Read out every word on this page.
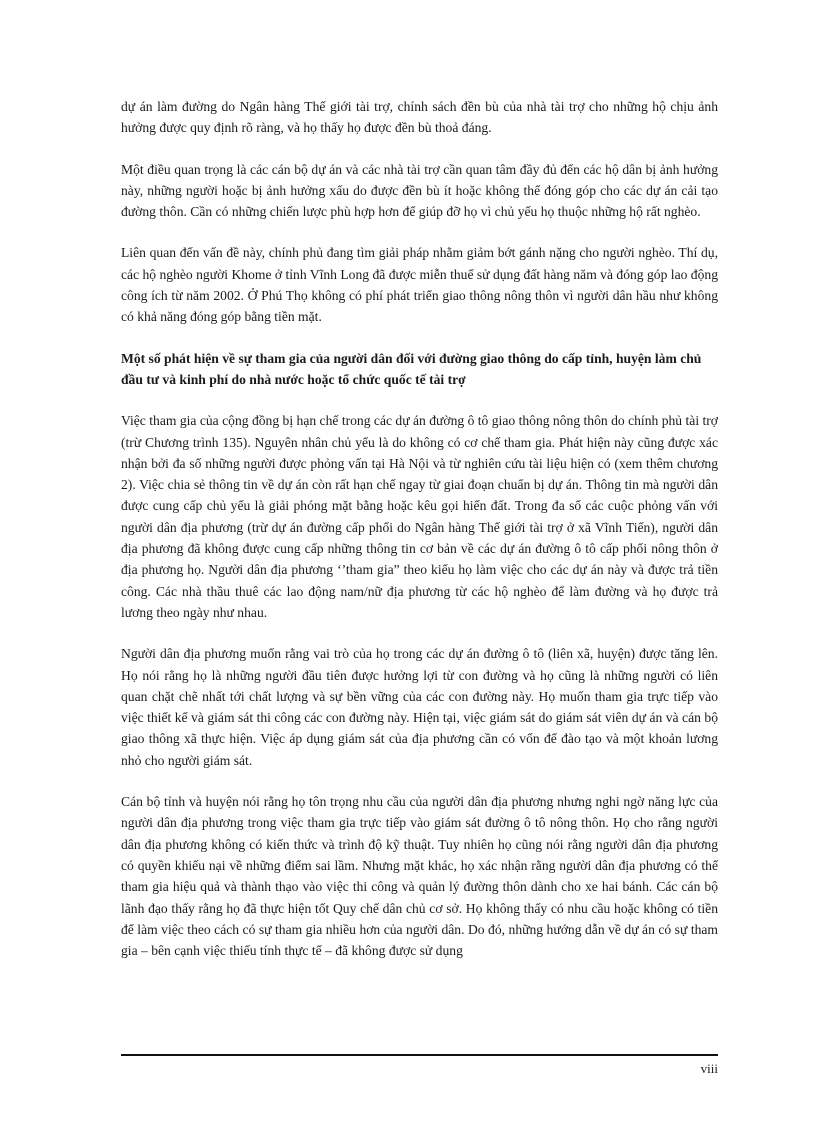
dự án làm đường do Ngân hàng Thế giới tài trợ, chính sách đền bù của nhà tài trợ cho những hộ chịu ảnh hưởng được quy định rõ ràng, và họ thấy họ được đền bù thoả đáng.

Một điều quan trọng là các cán bộ dự án và các nhà tài trợ cần quan tâm đầy đủ đến các hộ dân bị ảnh hưởng này, những người hoặc bị ảnh hưởng xấu do được đền bù ít hoặc không thể đóng góp cho các dự án cải tạo đường thôn. Cần có những chiến lược phù hợp hơn để giúp đỡ họ vì chủ yếu họ thuộc những hộ rất nghèo.

Liên quan đến vấn đề này, chính phủ đang tìm giải pháp nhằm giảm bớt gánh nặng cho người nghèo. Thí dụ, các hộ nghèo người Khome ở tỉnh Vĩnh Long đã được miễn thuế sử dụng đất hàng năm và đóng góp lao động công ích từ năm 2002. Ở Phú Thọ không có phí phát triển giao thông nông thôn vì người dân hầu như không có khả năng đóng góp bằng tiền mặt.

Một số phát hiện về sự tham gia của người dân đối với đường giao thông do cấp tỉnh, huyện làm chủ đầu tư và kinh phí do nhà nước hoặc tổ chức quốc tế tài trợ

Việc tham gia của cộng đồng bị hạn chế trong các dự án đường ô tô giao thông nông thôn do chính phủ tài trợ (trừ Chương trình 135). Nguyên nhân chủ yếu là do không có cơ chế tham gia. Phát hiện này cũng được xác nhận bởi đa số những người được phỏng vấn tại Hà Nội và từ nghiên cứu tài liệu hiện có (xem thêm chương 2). Việc chia sẻ thông tin về dự án còn rất hạn chế ngay từ giai đoạn chuẩn bị dự án. Thông tin mà người dân được cung cấp chủ yếu là giải phóng mặt bằng hoặc kêu gọi hiến đất. Trong đa số các cuộc phỏng vấn với người dân địa phương (trừ dự án đường cấp phối do Ngân hàng Thế giới tài trợ ở xã Vĩnh Tiến), người dân địa phương đã không được cung cấp những thông tin cơ bản về các dự án đường ô tô cấp phối nông thôn ở địa phương họ. Người dân địa phương ‘’tham gia” theo kiểu họ làm việc cho các dự án này và được trả tiền công. Các nhà thầu thuê các lao động nam/nữ địa phương từ các hộ nghèo để làm đường và họ được trả lương theo ngày như nhau.

Người dân địa phương muốn rằng vai trò của họ trong các dự án đường ô tô (liên xã, huyện) được tăng lên. Họ nói rằng họ là những người đầu tiên được hưởng lợi từ con đường và họ cũng là những người có liên quan chặt chẽ nhất tới chất lượng và sự bền vững của các con đường này. Họ muốn tham gia trực tiếp vào việc thiết kế và giám sát thi công các con đường này. Hiện tại, việc giám sát do giám sát viên dự án và cán bộ giao thông xã thực hiện. Việc áp dụng giám sát của địa phương cần có vốn để đào tạo và một khoản lương nhỏ cho người giám sát.

Cán bộ tỉnh và huyện nói rằng họ tôn trọng nhu cầu của người dân địa phương nhưng nghi ngờ năng lực của người dân địa phương trong việc tham gia trực tiếp vào giám sát đường ô tô nông thôn. Họ cho rằng người dân địa phương không có kiến thức và trình độ kỹ thuật. Tuy nhiên họ cũng nói rằng người dân địa phương có quyền khiếu nại về những điểm sai lầm. Nhưng mặt khác, họ xác nhận rằng người dân địa phương có thể tham gia hiệu quả và thành thạo vào việc thi công và quản lý đường thôn dành cho xe hai bánh. Các cán bộ lãnh đạo thấy rằng họ đã thực hiện tốt Quy chế dân chủ cơ sở. Họ không thấy có nhu cầu hoặc không có tiền để làm việc theo cách có sự tham gia nhiều hơn của người dân. Do đó, những hướng dẫn về dự án có sự tham gia – bên cạnh việc thiếu tính thực tế – đã không được sử dụng

viii
